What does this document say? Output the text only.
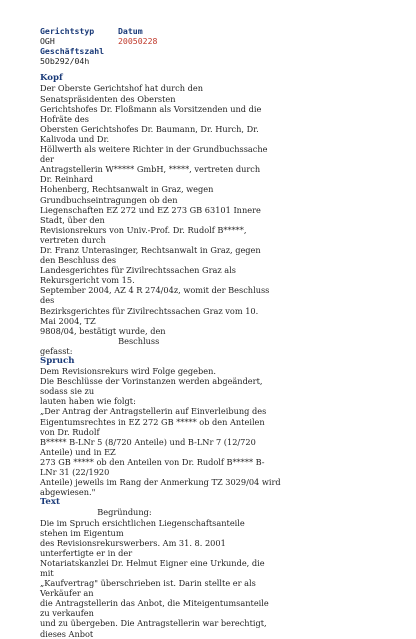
Gerichtstyp	Datum
OGH	20050228
Geschäftszahl
5Ob292/04h
Kopf
Der Oberste Gerichtshof hat durch den
Senatspräsidenten des Obersten
Gerichtshofes Dr. Floßmann als Vorsitzenden und die
Hofräte des
Obersten Gerichtshofes Dr. Baumann, Dr. Hurch, Dr.
Kalivoda und Dr.
Höllwerth als weitere Richter in der Grundbuchssache
der
Antragstellerin W***** GmbH, *****, vertreten durch
Dr. Reinhard
Hohenberg, Rechtsanwalt in Graz, wegen
Grundbuchseintragungen ob den
Liegenschaften EZ 272 und EZ 273 GB 63101 Innere
Stadt, über den
Revisionsrekurs von Univ.-Prof. Dr. Rudolf B*****,
vertreten durch
Dr. Franz Unterasinger, Rechtsanwalt in Graz, gegen
den Beschluss des
Landesgerichtes für Zivilrechtssachen Graz als
Rekursgericht vom 15.
September 2004, AZ 4 R 274/04z, womit der Beschluss
des
Bezirksgerichtes für Zivilrechtssachen Graz vom 10.
Mai 2004, TZ
9808/04, bestätigt wurde, den
Beschluss
gefasst:
Spruch
Dem Revisionsrekurs wird Folge gegeben.
Die Beschlüsse der Vorinstanzen werden abgeändert,
sodass sie zu
lauten haben wie folgt:
„Der Antrag der Antragstellerin auf Einverleibung des
Eigentumsrechtes in EZ 272 GB ***** ob den Anteilen
von Dr. Rudolf
B***** B-LNr 5 (8/720 Anteile) und B-LNr 7 (12/720
Anteile) und in EZ
273 GB ***** ob den Anteilen von Dr. Rudolf B***** B-
LNr 31 (22/1920
Anteile) jeweils im Rang der Anmerkung TZ 3029/04 wird
abgewiesen."
Text
Begründung:
Die im Spruch ersichtlichen Liegenschaftsanteile
stehen im Eigentum
des Revisionsrekurswerbers. Am 31. 8. 2001
unterfertigte er in der
Notariatskanzlei Dr. Helmut Eigner eine Urkunde, die
mit
„Kaufvertrag" überschrieben ist. Darin stellte er als
Verkäufer an
die Antragstellerin das Anbot, die Miteigentumsanteile
zu verkaufen
und zu übergeben. Die Antragstellerin war berechtigt,
dieses Anbot
